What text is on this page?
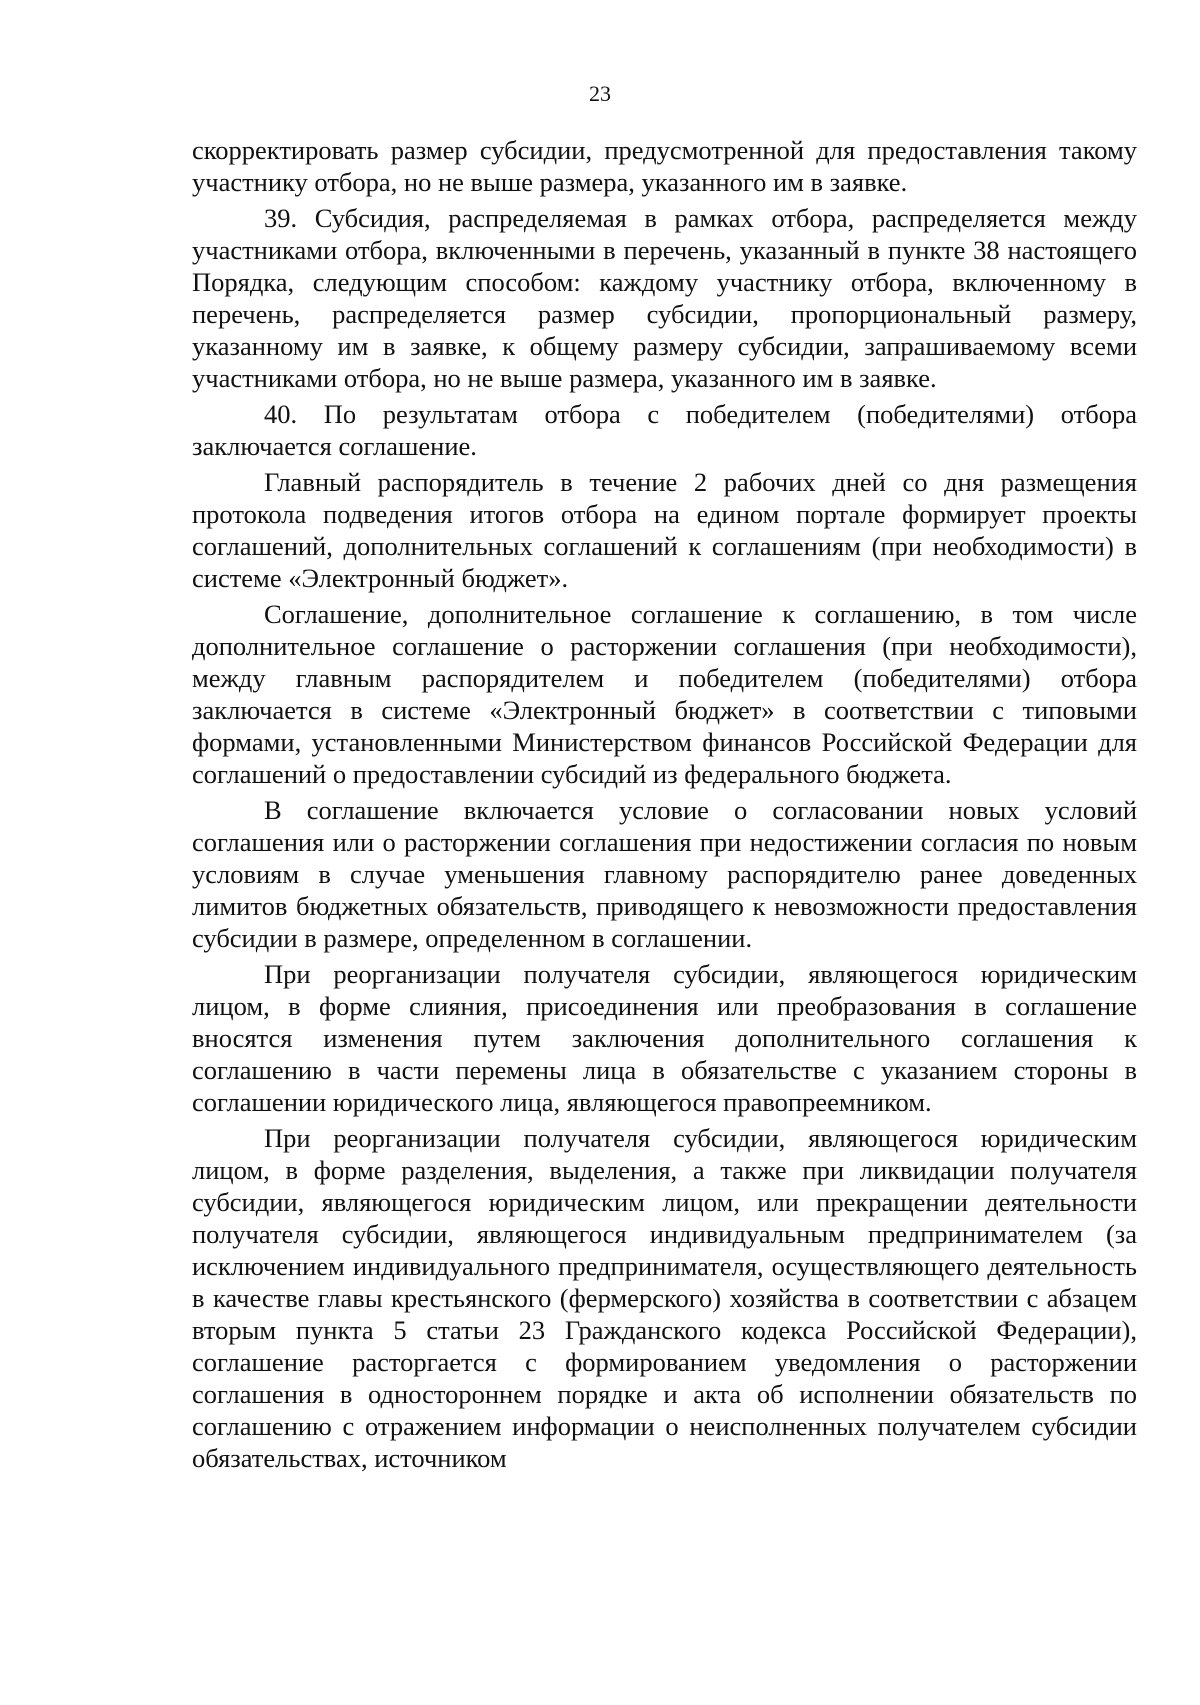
23

скорректировать размер субсидии, предусмотренной для предоставления такому участнику отбора, но не выше размера, указанного им в заявке.

39. Субсидия, распределяемая в рамках отбора, распределяется между участниками отбора, включенными в перечень, указанный в пункте 38 настоящего Порядка, следующим способом: каждому участнику отбора, включенному в перечень, распределяется размер субсидии, пропорциональный размеру, указанному им в заявке, к общему размеру субсидии, запрашиваемому всеми участниками отбора, но не выше размера, указанного им в заявке.

40. По результатам отбора с победителем (победителями) отбора заключается соглашение.

Главный распорядитель в течение 2 рабочих дней со дня размещения протокола подведения итогов отбора на едином портале формирует проекты соглашений, дополнительных соглашений к соглашениям (при необходимости) в системе «Электронный бюджет».

Соглашение, дополнительное соглашение к соглашению, в том числе дополнительное соглашение о расторжении соглашения (при необходимости), между главным распорядителем и победителем (победителями) отбора заключается в системе «Электронный бюджет» в соответствии с типовыми формами, установленными Министерством финансов Российской Федерации для соглашений о предоставлении субсидий из федерального бюджета.

В соглашение включается условие о согласовании новых условий соглашения или о расторжении соглашения при недостижении согласия по новым условиям в случае уменьшения главному распорядителю ранее доведенных лимитов бюджетных обязательств, приводящего к невозможности предоставления субсидии в размере, определенном в соглашении.

При реорганизации получателя субсидии, являющегося юридическим лицом, в форме слияния, присоединения или преобразования в соглашение вносятся изменения путем заключения дополнительного соглашения к соглашению в части перемены лица в обязательстве с указанием стороны в соглашении юридического лица, являющегося правопреемником.

При реорганизации получателя субсидии, являющегося юридическим лицом, в форме разделения, выделения, а также при ликвидации получателя субсидии, являющегося юридическим лицом, или прекращении деятельности получателя субсидии, являющегося индивидуальным предпринимателем (за исключением индивидуального предпринимателя, осуществляющего деятельность в качестве главы крестьянского (фермерского) хозяйства в соответствии с абзацем вторым пункта 5 статьи 23 Гражданского кодекса Российской Федерации), соглашение расторгается с формированием уведомления о расторжении соглашения в одностороннем порядке и акта об исполнении обязательств по соглашению с отражением информации о неисполненных получателем субсидии обязательствах, источником
